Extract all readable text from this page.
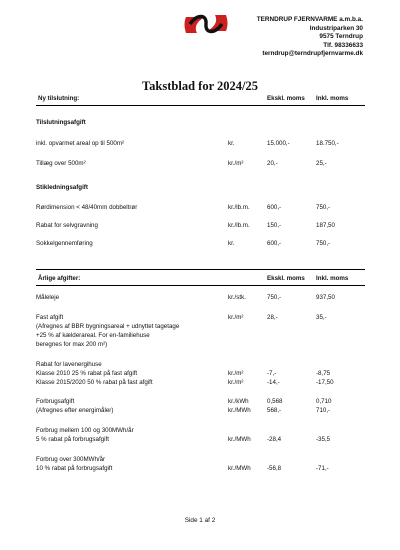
TERNDRUP FJERNVARME a.m.b.a.
Industriparken 30
9575 Terndrup
Tlf. 98336633
terndrup@terndrupfjernvarme.dk
Takstblad for 2024/25
Ny tilslutning:	Ekskl. moms Inkl. moms
Tilslutningsafgift
inkl. opvarmet areal op til 500m²	kr.	15.000,-	18.750,-
Tillæg over 500m²	kr./m²	20,-	25,-
Stikledningsafgift
Rørdimension < 48/40mm dobbeltrør	kr./lb.m.	600,-	750,-
Rabat for selvgravning	kr./lb.m.	150,-	187,50
Sokkelgennemføring	kr.	600,-	750,-
Årlige afgifter:	Ekskl. moms Inkl. moms
Måleleje	kr./stk.	750,-	937,50
Fast afgift	kr./m²	28,-	35,-
(Afregnes af BBR bygningsareal + udnyttet tagetage
+25 % af kælderareal. For en-familiehuse
beregnes for max 200 m²)
Rabat for lavenergihuse
Klasse 2010 25 % rabat på fast afgift	kr./m²	-7,-	-8,75
Klasse 2015/2020 50 % rabat på fast afgift	kr./m²	-14,-	-17,50
Forbrugsafgift	kr./kWh	0,568	0,710
(Afregnes efter energimåler)	kr./MWh	568,-	710,-
Forbrug mellem 100 og 300MWh/år
5 % rabat på forbrugsafgift	kr./MWh	-28,4	-35,5
Forbrug over 300MWh/år
10 % rabat på forbrugsafgift	kr./MWh	-56,8	-71,-
Side 1 af 2
